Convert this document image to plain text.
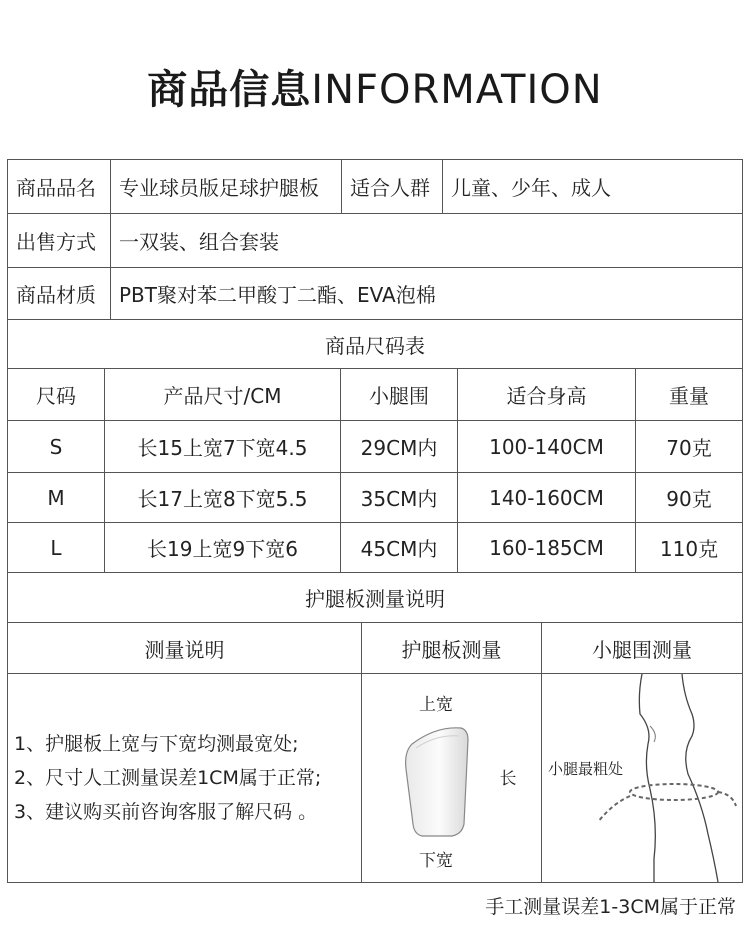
商品信息INFORMATION
商品品名	专业球员版足球护腿板	适合人群	儿童、少年、成人
出售方式	一双装、组合套装
商品材质	PBT聚对苯二甲酸丁二酯、EVA泡棉
商品尺码表
尺码	产品尺寸/CM	小腿围	适合身高	重量
S	长15上宽7下宽4.5	29CM内	100-140CM	70克
M	长17上宽8下宽5.5	35CM内	140-160CM	90克
L	长19上宽9下宽6	45CM内	160-185CM	110克
护腿板测量说明
测量说明	护腿板测量	小腿围测量
1、护腿板上宽与下宽均测最宽处;
2、尺寸人工测量误差1CM属于正常;
3、建议购买前咨询客服了解尺码 。
上宽
长
下宽
小腿最粗处
手工测量误差1-3CM属于正常
